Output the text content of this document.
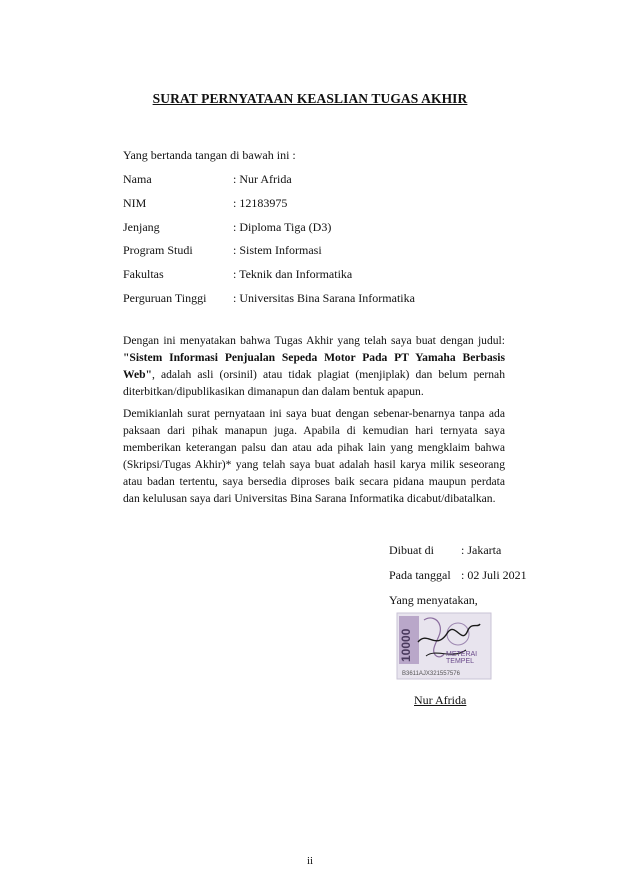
SURAT PERNYATAAN KEASLIAN TUGAS AKHIR
Yang bertanda tangan di bawah ini :
Nama	: Nur Afrida
NIM	: 12183975
Jenjang	: Diploma Tiga (D3)
Program Studi	: Sistem Informasi
Fakultas	: Teknik dan Informatika
Perguruan Tinggi	: Universitas Bina Sarana Informatika
Dengan ini menyatakan bahwa Tugas Akhir yang telah saya buat dengan judul: "Sistem Informasi Penjualan Sepeda Motor Pada PT Yamaha Berbasis Web", adalah asli (orsinil) atau tidak plagiat (menjiplak) dan belum pernah diterbitkan/dipublikasikan dimanapun dan dalam bentuk apapun.
Demikianlah surat pernyataan ini saya buat dengan sebenar-benarnya tanpa ada paksaan dari pihak manapun juga. Apabila di kemudian hari ternyata saya memberikan keterangan palsu dan atau ada pihak lain yang mengklaim bahwa (Skripsi/Tugas Akhir)* yang telah saya buat adalah hasil karya milik seseorang atau badan tertentu, saya bersedia diproses baik secara pidana maupun perdata dan kelulusan saya dari Universitas Bina Sarana Informatika dicabut/dibatalkan.
Dibuat di : Jakarta
Pada tanggal : 02 Juli 2021
Yang menyatakan,
10000	METERAI
TEMPEL
B3611AJX321557576
Nur Afrida
ii
